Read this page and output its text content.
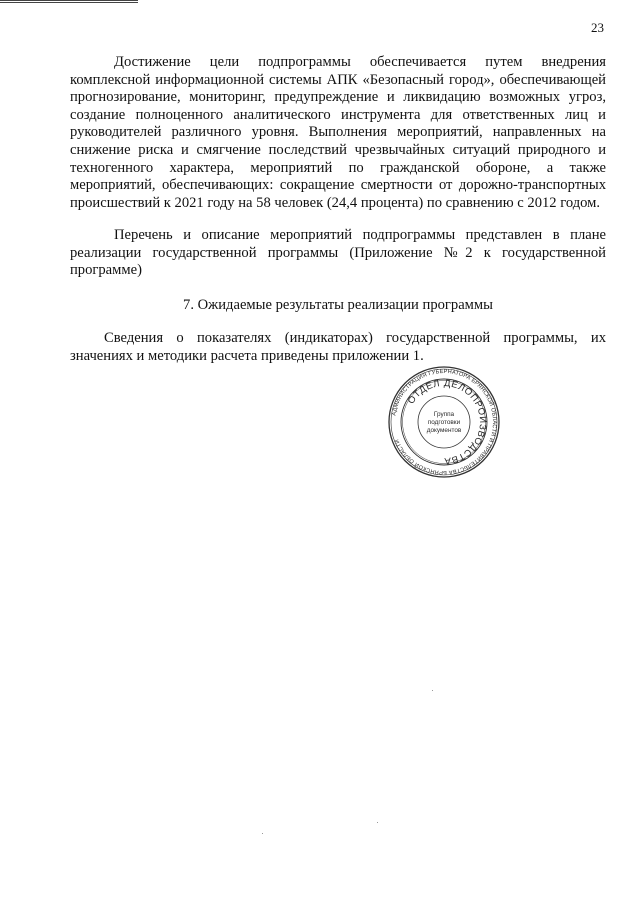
23

Достижение цели подпрограммы обеспечивается путем внедрения комплексной информационной системы АПК «Безопасный город», обеспечивающей прогнозирование, мониторинг, предупреждение и ликвидацию возможных угроз, создание полноценного аналитического инструмента для ответственных лиц и руководителей различного уровня. Выполнения мероприятий, направленных на снижение риска и смягчение последствий чрезвычайных ситуаций природного и техногенного характера, мероприятий по гражданской обороне, а также мероприятий, обеспечивающих: сокращение смертности от дорожно-транспортных происшествий к 2021 году на 58 человек (24,4 процента) по сравнению с 2012 годом.

Перечень и описание мероприятий подпрограммы представлен в плане реализации государственной программы (Приложение №2 к государственной программе)

7. Ожидаемые результаты реализации программы

Сведения о показателях (индикаторах) государственной программы, их значениях и методики расчета приведены приложении 1.

АДМИНИСТРАЦИЯ ГУБЕРНАТОРА БРЯНСКОЙ ОБЛАСТИ И ПРАВИТЕЛЬСТВА БРЯНСКОЙ ОБЛАСТИ
ОТДЕЛ ДЕЛОПРОИЗВОДСТВА
Группа
подготовки
документов
